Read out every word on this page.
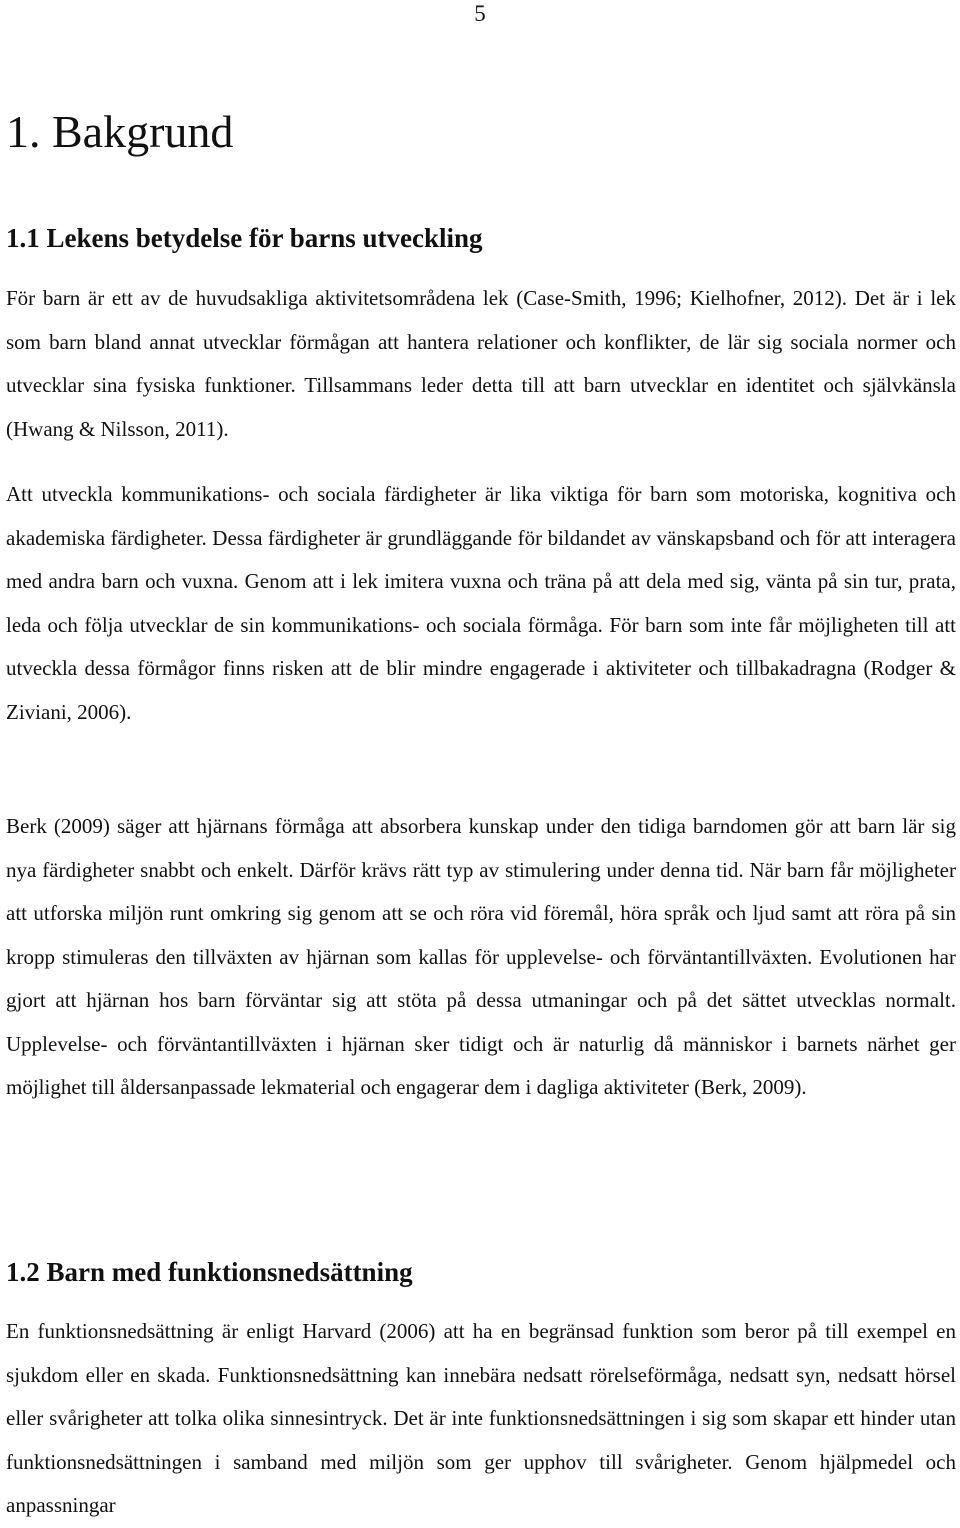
5
1. Bakgrund
1.1 Lekens betydelse för barns utveckling

För barn är ett av de huvudsakliga aktivitetsområdena lek (Case-Smith, 1996; Kielhofner, 2012). Det är i lek som barn bland annat utvecklar förmågan att hantera relationer och konflikter, de lär sig sociala normer och utvecklar sina fysiska funktioner. Tillsammans leder detta till att barn utvecklar en identitet och självkänsla (Hwang & Nilsson, 2011).

Att utveckla kommunikations- och sociala färdigheter är lika viktiga för barn som motoriska, kognitiva och akademiska färdigheter. Dessa färdigheter är grundläggande för bildandet av vänskapsband och för att interagera med andra barn och vuxna. Genom att i lek imitera vuxna och träna på att dela med sig, vänta på sin tur, prata, leda och följa utvecklar de sin kommunikations- och sociala förmåga. För barn som inte får möjligheten till att utveckla dessa förmågor finns risken att de blir mindre engagerade i aktiviteter och tillbakadragna (Rodger & Ziviani, 2006).

Berk (2009) säger att hjärnans förmåga att absorbera kunskap under den tidiga barndomen gör att barn lär sig nya färdigheter snabbt och enkelt. Därför krävs rätt typ av stimulering under denna tid. När barn får möjligheter att utforska miljön runt omkring sig genom att se och röra vid föremål, höra språk och ljud samt att röra på sin kropp stimuleras den tillväxten av hjärnan som kallas för upplevelse- och förväntantillväxten. Evolutionen har gjort att hjärnan hos barn förväntar sig att stöta på dessa utmaningar och på det sättet utvecklas normalt. Upplevelse- och förväntantillväxten i hjärnan sker tidigt och är naturlig då människor i barnets närhet ger möjlighet till åldersanpassade lekmaterial och engagerar dem i dagliga aktiviteter (Berk, 2009).

1.2 Barn med funktionsnedsättning

En funktionsnedsättning är enligt Harvard (2006) att ha en begränsad funktion som beror på till exempel en sjukdom eller en skada. Funktionsnedsättning kan innebära nedsatt rörelseförmåga, nedsatt syn, nedsatt hörsel eller svårigheter att tolka olika sinnesintryck. Det är inte funktionsnedsättningen i sig som skapar ett hinder utan funktionsnedsättningen i samband med miljön som ger upphov till svårigheter. Genom hjälpmedel och anpassningar
